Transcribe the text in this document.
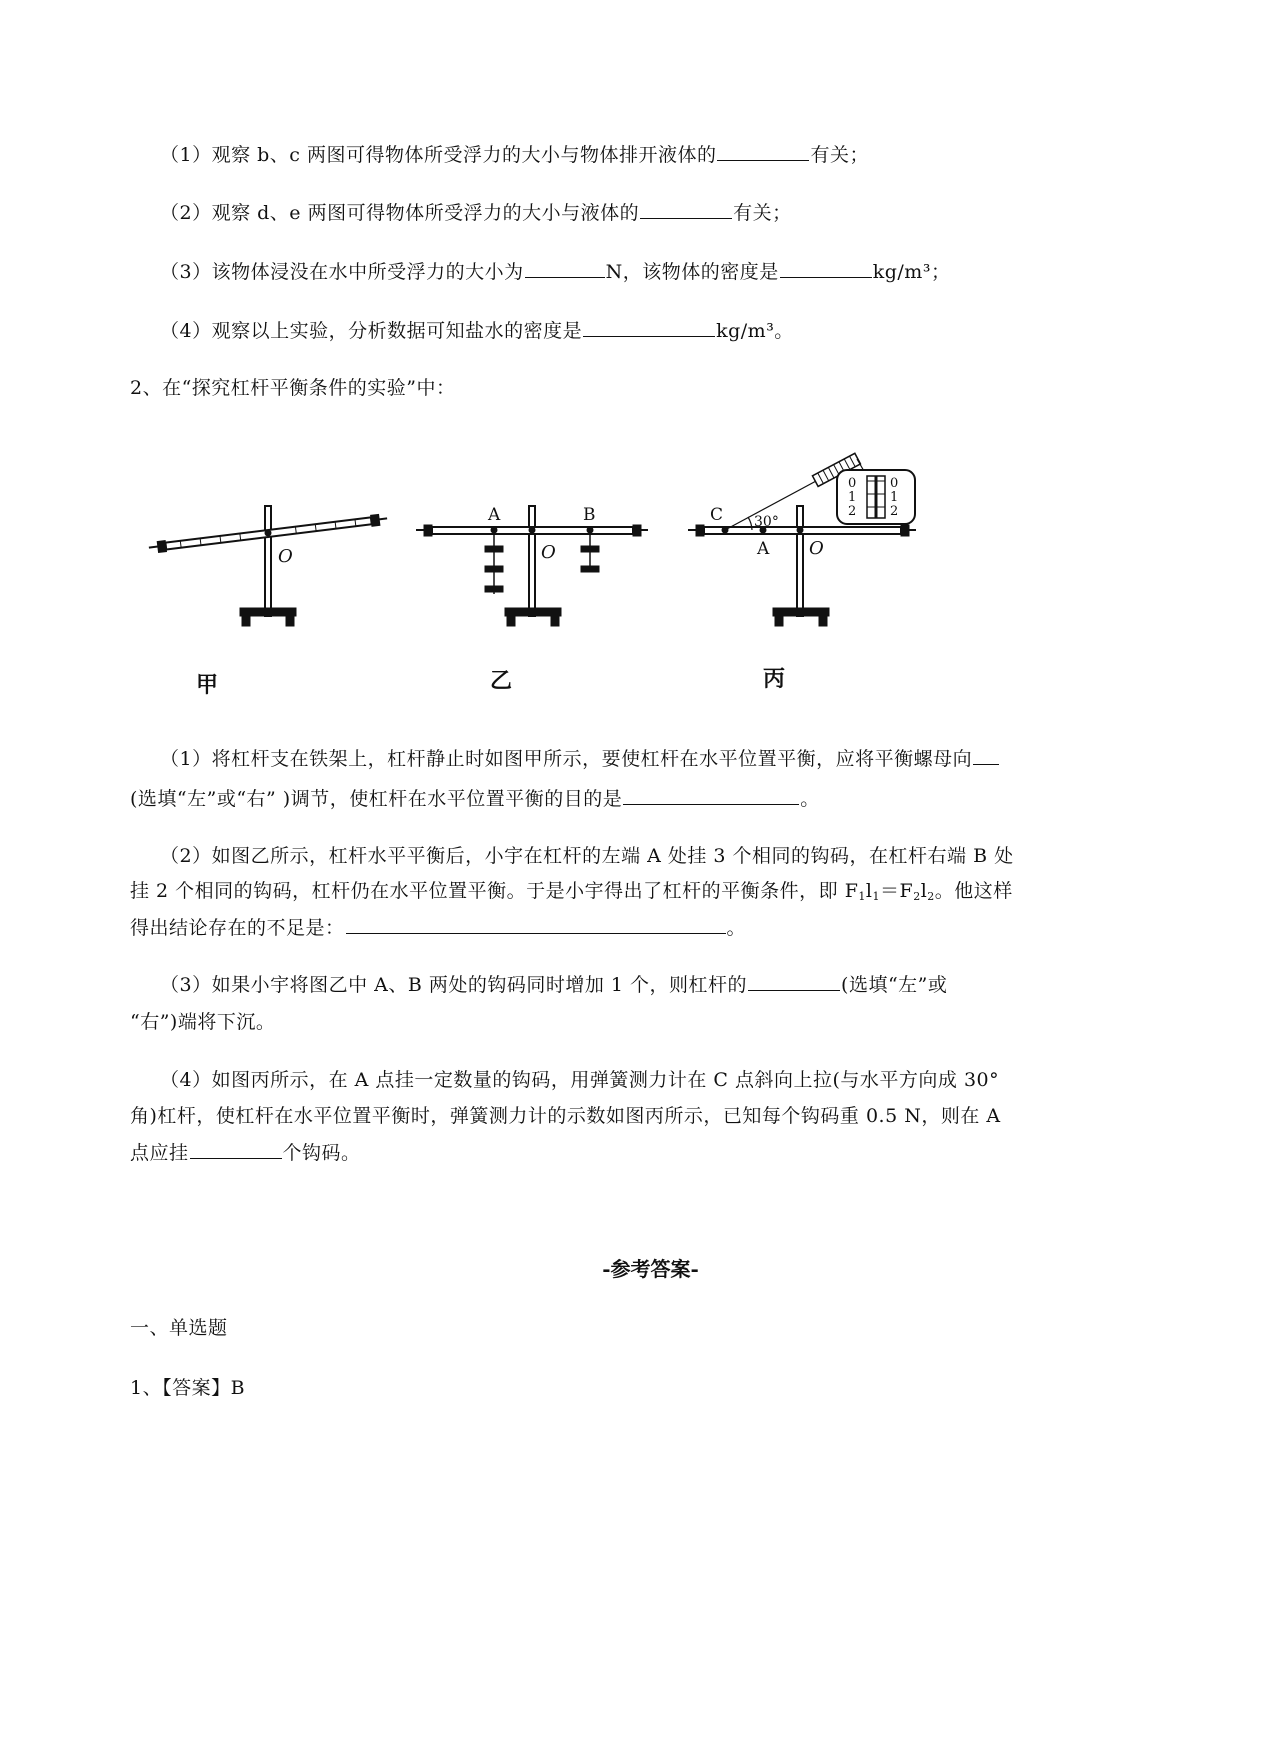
（1）观察 b、c 两图可得物体所受浮力的大小与物体排开液体的	有关；
（2）观察 d、e 两图可得物体所受浮力的大小与液体的	有关；
（3）该物体浸没在水中所受浮力的大小为	N，该物体的密度是	kg/m³；
（4）观察以上实验，分析数据可知盐水的密度是	kg/m³。
2、在“探究杠杆平衡条件的实验”中：
O
A	B
O
0
1
2
0
1
2
C 30°
A O
甲	乙	丙
（1）将杠杆支在铁架上，杠杆静止时如图甲所示，要使杠杆在水平位置平衡，应将平衡螺母向
(选填“左”或“右” )调节，使杠杆在水平位置平衡的目的是	。
（2）如图乙所示，杠杆水平平衡后，小宇在杠杆的左端 A 处挂 3 个相同的钩码，在杠杆右端 B 处
挂 2 个相同的钩码，杠杆仍在水平位置平衡。于是小宇得出了杠杆的平衡条件，即 $F_1l_1=F_2l_2$。他这样
得出结论存在的不足是：	。
（3）如果小宇将图乙中 A、B 两处的钩码同时增加 1 个，则杠杆的	(选填“左”或
“右”)端将下沉。
（4）如图丙所示，在 A 点挂一定数量的钩码，用弹簧测力计在 C 点斜向上拉(与水平方向成 30°
角)杠杆，使杠杆在水平位置平衡时，弹簧测力计的示数如图丙所示，已知每个钩码重 0.5 N，则在 A
点应挂	个钩码。
-参考答案-
一、单选题
1、【答案】B
